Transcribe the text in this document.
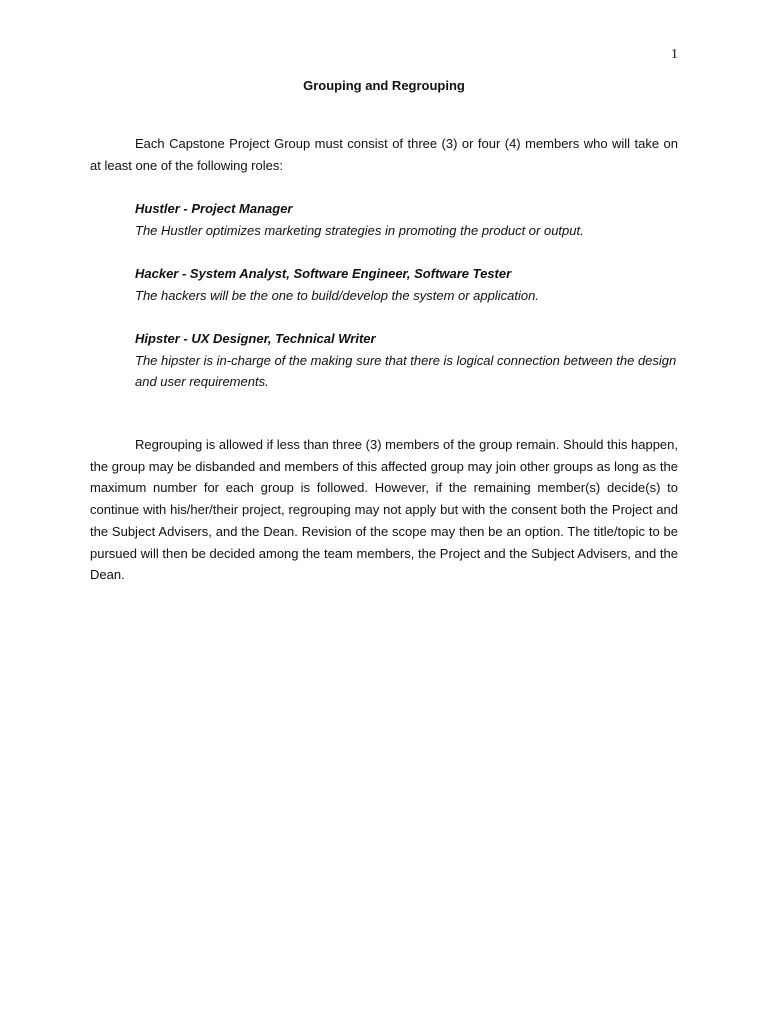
1
Grouping and Regrouping

Each Capstone Project Group must consist of three (3) or four (4) members who will take on at least one of the following roles:

Hustler - Project Manager
The Hustler optimizes marketing strategies in promoting the product or output.
Hacker - System Analyst, Software Engineer, Software Tester
The hackers will be the one to build/develop the system or application.
Hipster - UX Designer, Technical Writer
The hipster is in-charge of the making sure that there is logical connection between the design and user requirements.

Regrouping is allowed if less than three (3) members of the group remain. Should this happen, the group may be disbanded and members of this affected group may join other groups as long as the maximum number for each group is followed. However, if the remaining member(s) decide(s) to continue with his/her/their project, regrouping may not apply but with the consent both the Project and the Subject Advisers, and the Dean. Revision of the scope may then be an option. The title/topic to be pursued will then be decided among the team members, the Project and the Subject Advisers, and the Dean.
